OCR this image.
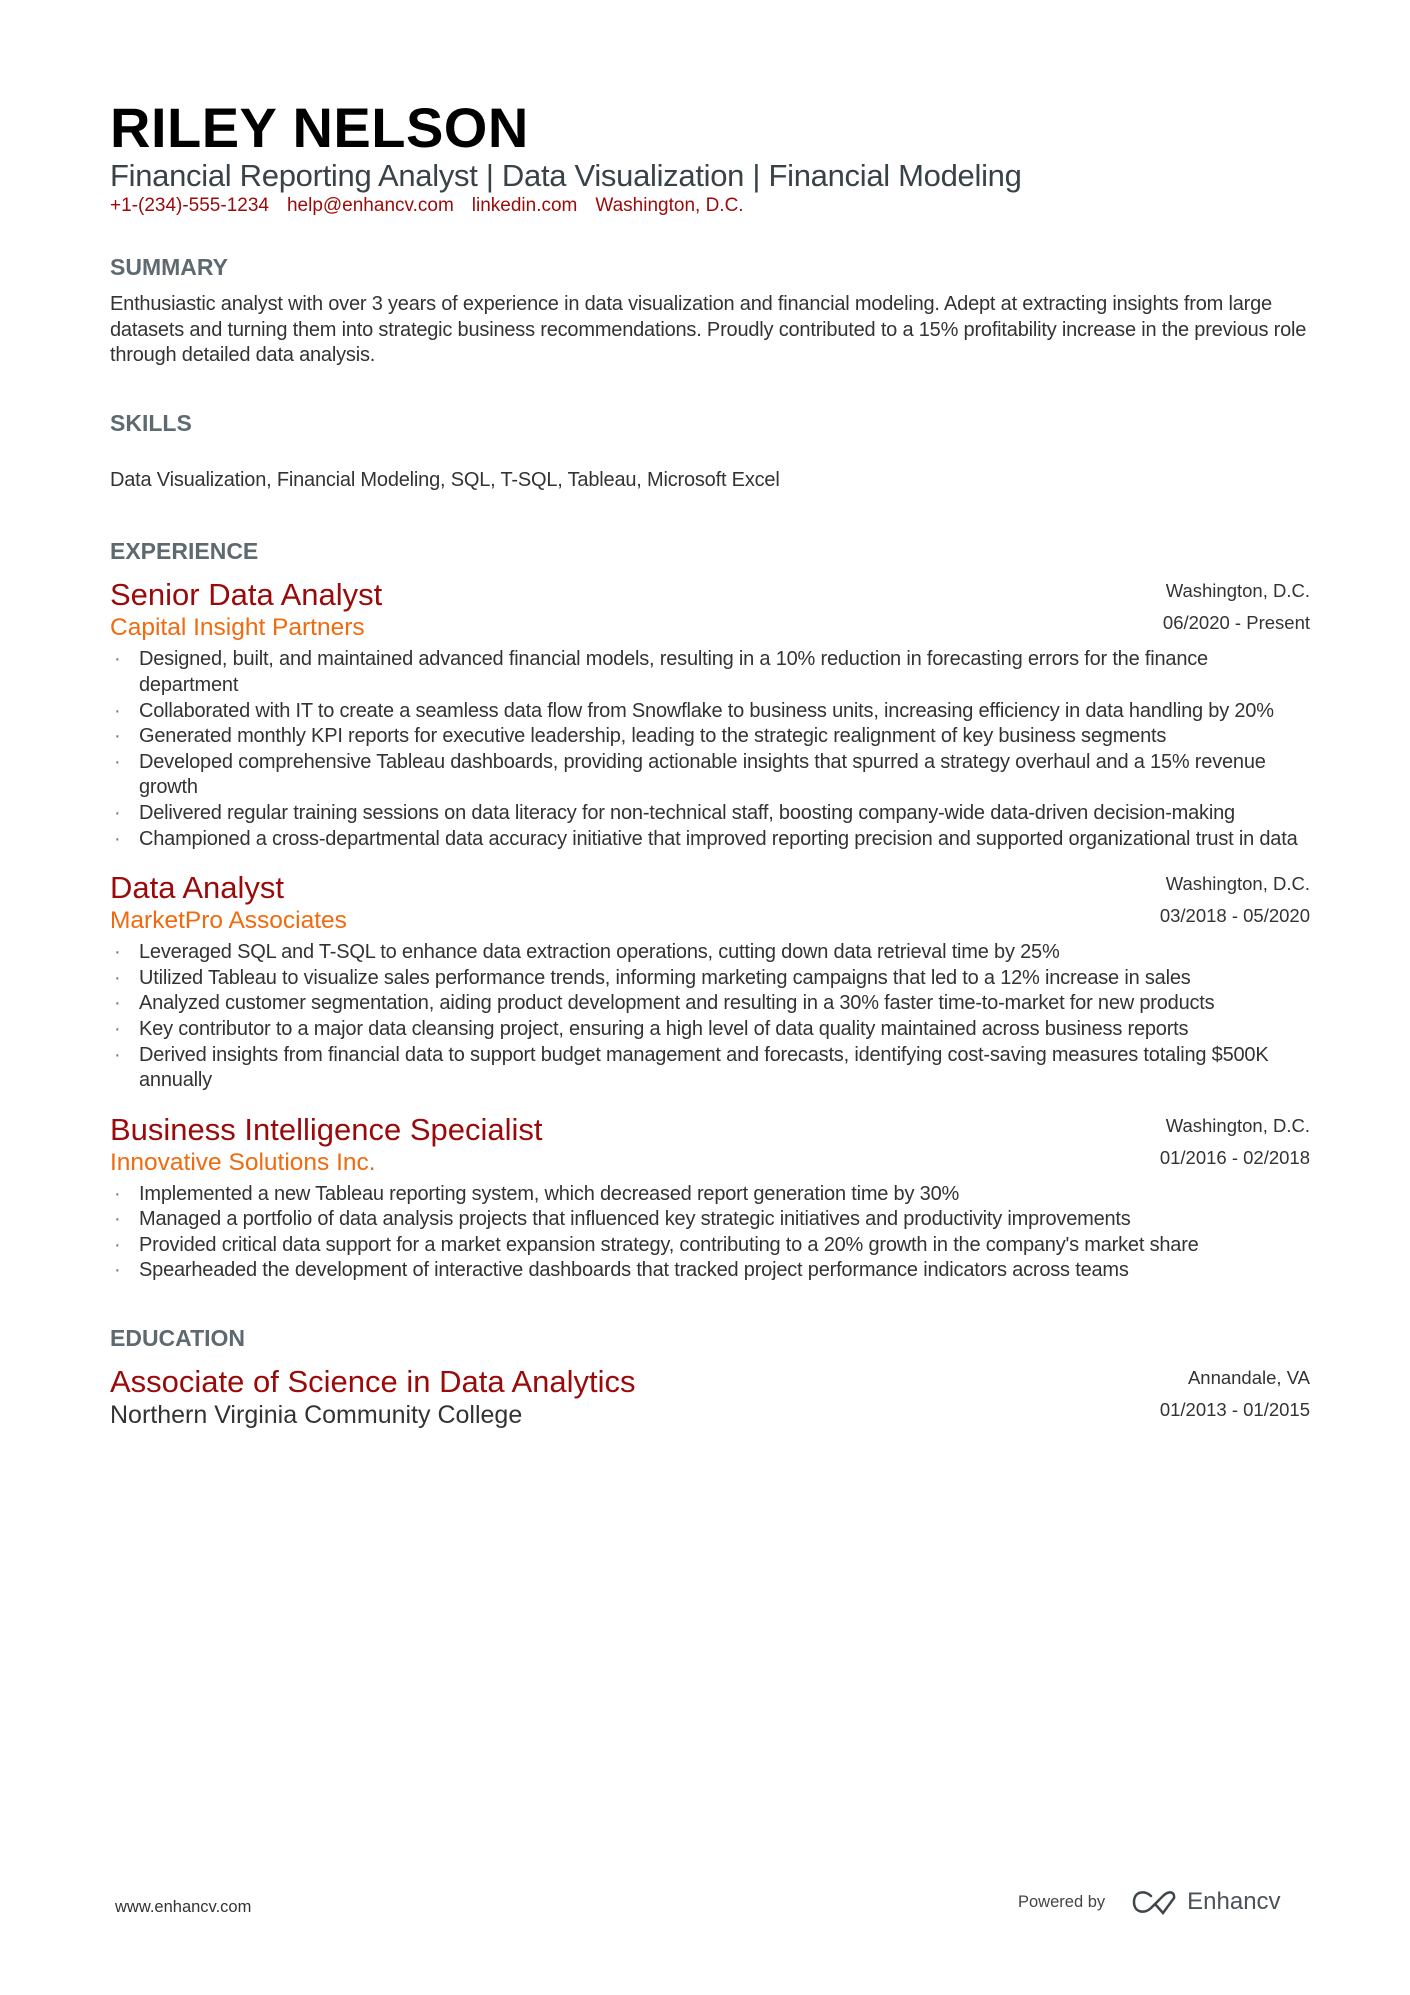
RILEY NELSON
Financial Reporting Analyst | Data Visualization | Financial Modeling
+1-(234)-555-1234 help@enhancv.com linkedin.com Washington, D.C.
SUMMARY
Enthusiastic analyst with over 3 years of experience in data visualization and financial modeling. Adept at extracting insights from large datasets and turning them into strategic business recommendations. Proudly contributed to a 15% profitability increase in the previous role through detailed data analysis.
SKILLS
Data Visualization, Financial Modeling, SQL, T-SQL, Tableau, Microsoft Excel
EXPERIENCE
Senior Data Analyst
Capital Insight Partners
Washington, D.C.
06/2020 - Present
· Designed, built, and maintained advanced financial models, resulting in a 10% reduction in forecasting errors for the finance department
· Collaborated with IT to create a seamless data flow from Snowflake to business units, increasing efficiency in data handling by 20%
· Generated monthly KPI reports for executive leadership, leading to the strategic realignment of key business segments
· Developed comprehensive Tableau dashboards, providing actionable insights that spurred a strategy overhaul and a 15% revenue growth
· Delivered regular training sessions on data literacy for non-technical staff, boosting company-wide data-driven decision-making
· Championed a cross-departmental data accuracy initiative that improved reporting precision and supported organizational trust in data
Data Analyst
MarketPro Associates
Washington, D.C.
03/2018 - 05/2020
· Leveraged SQL and T-SQL to enhance data extraction operations, cutting down data retrieval time by 25%
· Utilized Tableau to visualize sales performance trends, informing marketing campaigns that led to a 12% increase in sales
· Analyzed customer segmentation, aiding product development and resulting in a 30% faster time-to-market for new products
· Key contributor to a major data cleansing project, ensuring a high level of data quality maintained across business reports
· Derived insights from financial data to support budget management and forecasts, identifying cost-saving measures totaling $500K annually
Business Intelligence Specialist
Innovative Solutions Inc.
Washington, D.C.
01/2016 - 02/2018
· Implemented a new Tableau reporting system, which decreased report generation time by 30%
· Managed a portfolio of data analysis projects that influenced key strategic initiatives and productivity improvements
· Provided critical data support for a market expansion strategy, contributing to a 20% growth in the company's market share
· Spearheaded the development of interactive dashboards that tracked project performance indicators across teams
EDUCATION
Associate of Science in Data Analytics
Northern Virginia Community College
Annandale, VA
01/2013 - 01/2015
www.enhancv.com	Powered by	Enhancv
